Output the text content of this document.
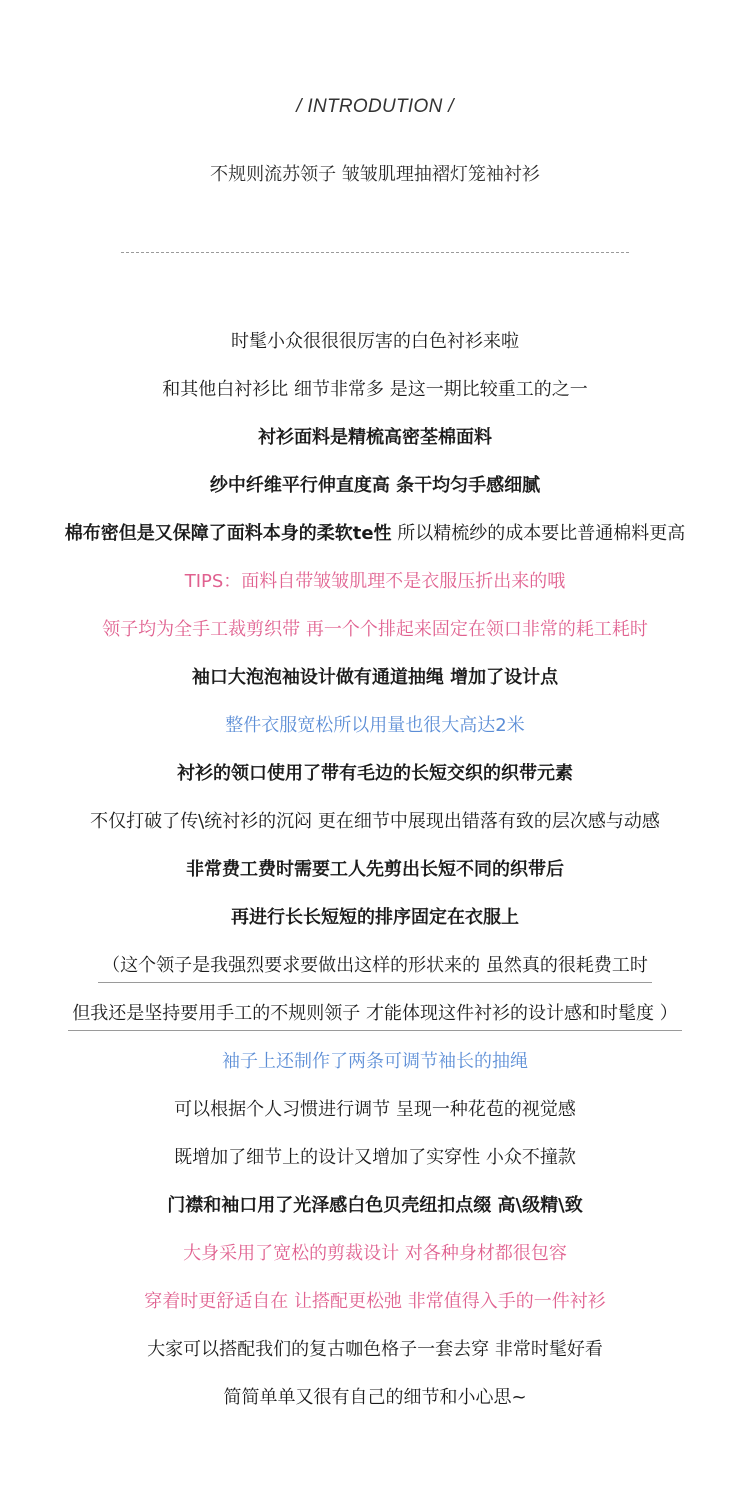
/ INTRODUTION /
不规则流苏领子 皱皱肌理抽褶灯笼袖衬衫
时髦小众很很很厉害的白色衬衫来啦
和其他白衬衫比 细节非常多 是这一期比较重工的之一
衬衫面料是精梳高密荃棉面料
纱中纤维平行伸直度高 条干均匀手感细腻
棉布密但是又保障了面料本身的柔软te性 所以精梳纱的成本要比普通棉料更高
TIPS：面料自带皱皱肌理不是衣服压折出来的哦
领子均为全手工裁剪织带 再一个个排起来固定在领口非常的耗工耗时
袖口大泡泡袖设计做有通道抽绳 增加了设计点
整件衣服宽松所以用量也很大高达2米
衬衫的领口使用了带有毛边的长短交织的织带元素
不仅打破了传\统衬衫的沉闷 更在细节中展现出错落有致的层次感与动感
非常费工费时需要工人先剪出长短不同的织带后
再进行长长短短的排序固定在衣服上
（这个领子是我强烈要求要做出这样的形状来的 虽然真的很耗费工时
但我还是坚持要用手工的不规则领子 才能体现这件衬衫的设计感和时髦度 ）
袖子上还制作了两条可调节袖长的抽绳
可以根据个人习惯进行调节 呈现一种花苞的视觉感
既增加了细节上的设计又增加了实穿性 小众不撞款
门襟和袖口用了光泽感白色贝壳纽扣点缀 高\级精\致
大身采用了宽松的剪裁设计 对各种身材都很包容
穿着时更舒适自在 让搭配更松弛 非常值得入手的一件衬衫
大家可以搭配我们的复古咖色格子一套去穿 非常时髦好看
简简单单又很有自己的细节和小心思~
